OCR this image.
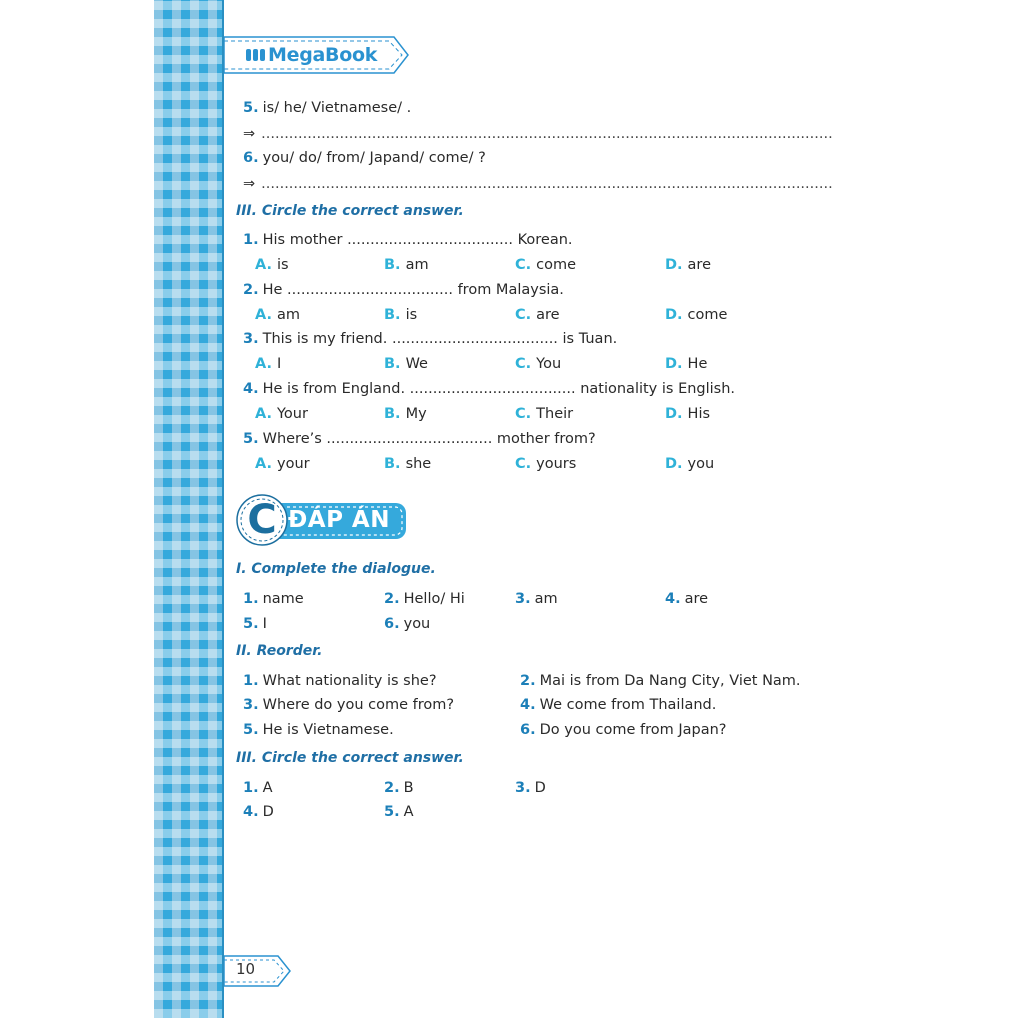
MegaBook
5. is/ he/ Vietnamese/ .
⇒ ............................................................................................................................
6. you/ do/ from/ Japand/ come/ ?
⇒ ............................................................................................................................
III. Circle the correct answer.
1. His mother .................................... Korean.
A. is	B. am	C. come	D. are
2. He .................................... from Malaysia.
A. am	B. is	C. are	D. come
3. This is my friend. .................................... is Tuan.
A. I	B. We	C. You	D. He
4. He is from England. .................................... nationality is English.
A. Your	B. My	C. Their	D. His
5. Where’s .................................... mother from?
A. your	B. she	C. yours	D. you
C ĐÁP ÁN
I. Complete the dialogue.
1. name	2. Hello/ Hi	3. am	4. are
5. I	6. you
II. Reorder.
1. What nationality is she?	2. Mai is from Da Nang City, Viet Nam.
3. Where do you come from?	4. We come from Thailand.
5. He is Vietnamese.	6. Do you come from Japan?
III. Circle the correct answer.
1. A	2. B	3. D
4. D	5. A
10
